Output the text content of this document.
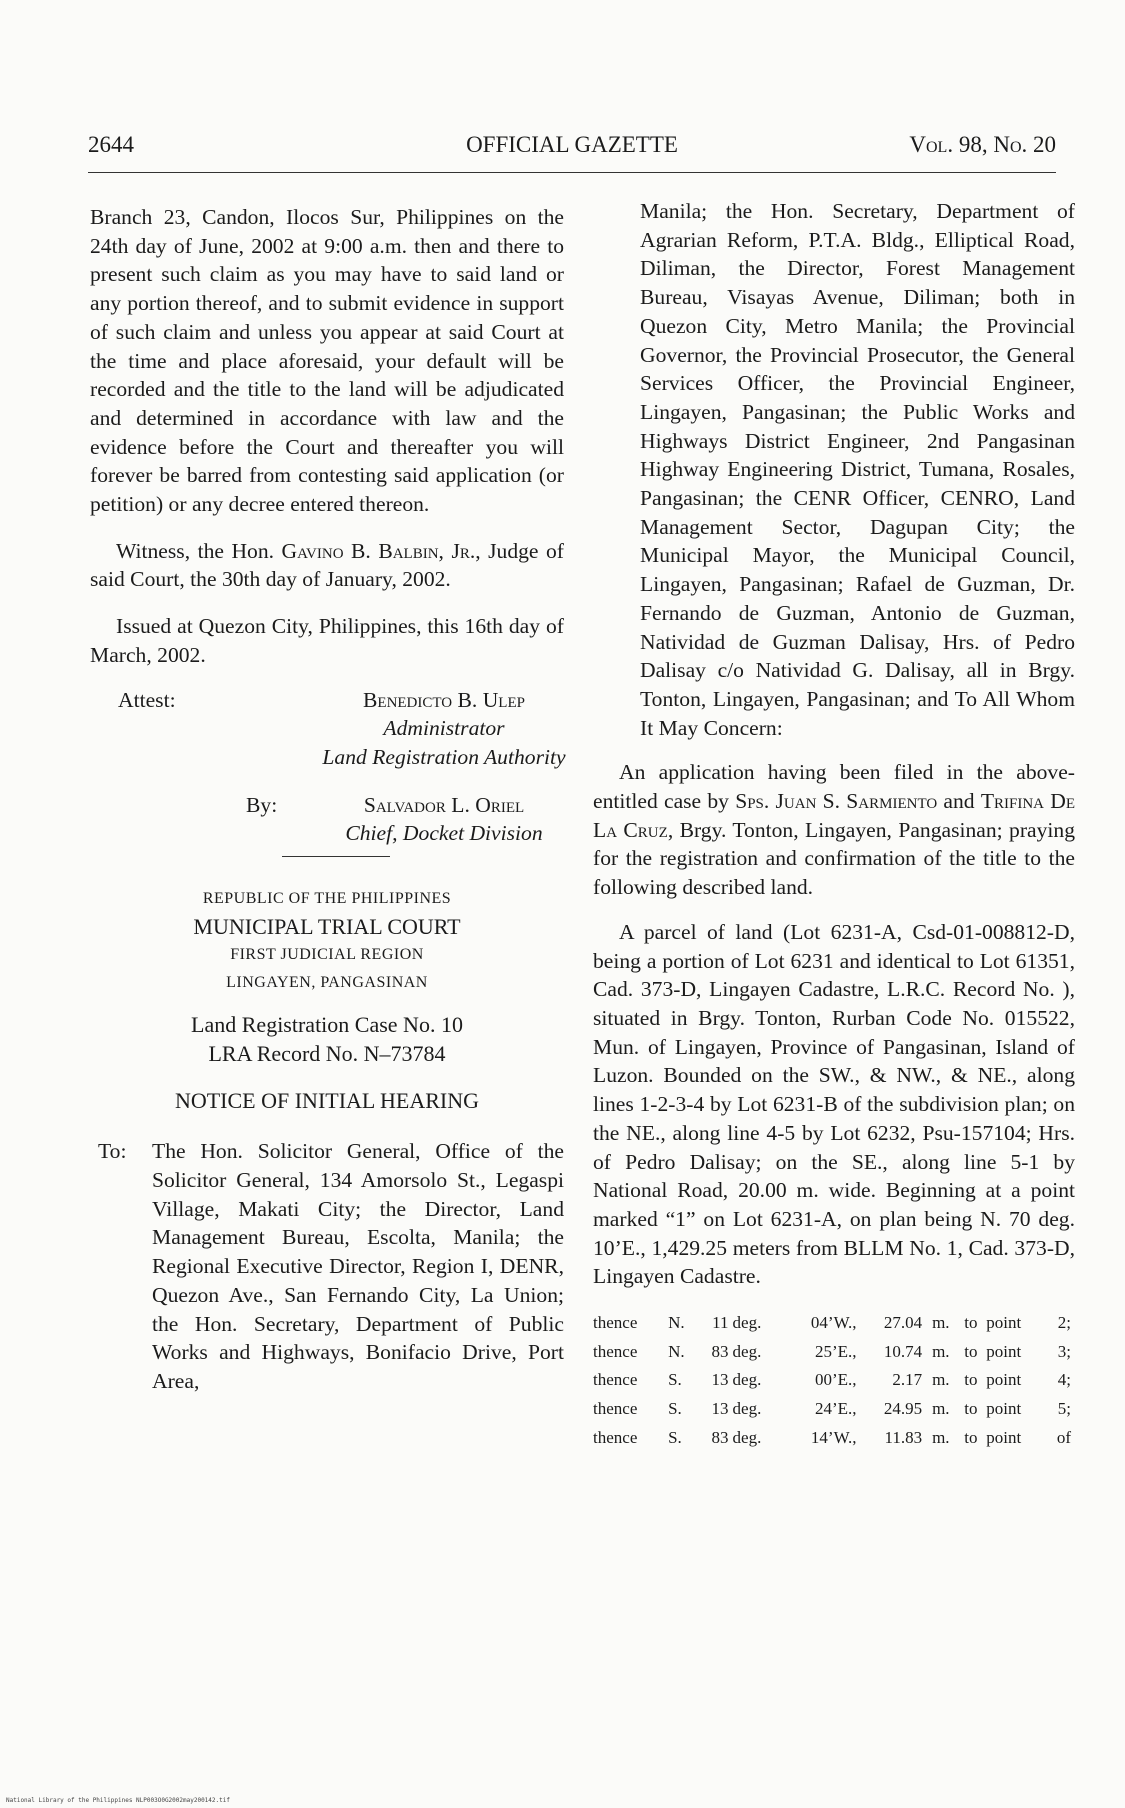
2644	OFFICIAL GAZETTE	Vol. 98, No. 20

Branch 23, Candon, Ilocos Sur, Philippines on the 24th day of June, 2002 at 9:00 a.m. then and there to present such claim as you may have to said land or any portion thereof, and to submit evidence in support of such claim and unless you appear at said Court at the time and place aforesaid, your default will be recorded and the title to the land will be adjudicated and determined in accordance with law and the evidence before the Court and thereafter you will forever be barred from contesting said application (or petition) or any decree entered thereon.

Witness, the Hon. Gavino B. Balbin, Jr., Judge of said Court, the 30th day of January, 2002.

Issued at Quezon City, Philippines, this 16th day of March, 2002.

Attest:	Benedicto B. Ulep
Administrator
Land Registration Authority
By:	Salvador L. Oriel
Chief, Docket Division

REPUBLIC OF THE PHILIPPINES

MUNICIPAL TRIAL COURT

FIRST JUDICIAL REGION

LINGAYEN, PANGASINAN

Land Registration Case No. 10

LRA Record No. N–73784

NOTICE OF INITIAL HEARING

To: The Hon. Solicitor General, Office of the Solicitor General, 134 Amorsolo St., Legaspi Village, Makati City; the Director, Land Management Bureau, Escolta, Manila; the Regional Executive Director, Region I, DENR, Quezon Ave., San Fernando City, La Union; the Hon. Secretary, Department of Public Works and Highways, Bonifacio Drive, Port Area,

Manila; the Hon. Secretary, Department of Agrarian Reform, P.T.A. Bldg., Elliptical Road, Diliman, the Director, Forest Management Bureau, Visayas Avenue, Diliman; both in Quezon City, Metro Manila; the Provincial Governor, the Provincial Prosecutor, the General Services Officer, the Provincial Engineer, Lingayen, Pangasinan; the Public Works and Highways District Engineer, 2nd Pangasinan Highway Engineering District, Tumana, Rosales, Pangasinan; the CENR Officer, CENRO, Land Management Sector, Dagupan City; the Municipal Mayor, the Municipal Council, Lingayen, Pangasinan; Rafael de Guzman, Dr. Fernando de Guzman, Antonio de Guzman, Natividad de Guzman Dalisay, Hrs. of Pedro Dalisay c/o Natividad G. Dalisay, all in Brgy. Tonton, Lingayen, Pangasinan; and To All Whom It May Concern:

An application having been filed in the above- entitled case by Sps. Juan S. Sarmiento and Trifina De La Cruz, Brgy. Tonton, Lingayen, Pangasinan; praying for the registration and confirmation of the title to the following described land.

A parcel of land (Lot 6231-A, Csd-01-008812-D, being a portion of Lot 6231 and identical to Lot 61351, Cad. 373-D, Lingayen Cadastre, L.R.C. Record No. ), situated in Brgy. Tonton, Rurban Code No. 015522, Mun. of Lingayen, Province of Pangasinan, Island of Luzon. Bounded on the SW., & NW., & NE., along lines 1-2-3-4 by Lot 6231-B of the subdivision plan; on the NE., along line 4-5 by Lot 6232, Psu-157104; Hrs. of Pedro Dalisay; on the SE., along line 5-1 by National Road, 20.00 m. wide. Beginning at a point marked “1” on Lot 6231-A, on plan being N. 70 deg. 10’E., 1,429.25 meters from BLLM No. 1, Cad. 373-D, Lingayen Cadastre.

thence	N.	11	deg.	04’W.,	27.04	m.	to	point	2;
thence	N.	83	deg.	25’E.,	10.74	m.	to	point	3;
thence	S.	13	deg.	00’E.,	2.17	m.	to	point	4;
thence	S.	13	deg.	24’E.,	24.95	m.	to	point	5;
thence	S.	83	deg.	14’W.,	11.83	m.	to	point	of
National Library of the Philippines NLP003O0G2002may200142.tif
